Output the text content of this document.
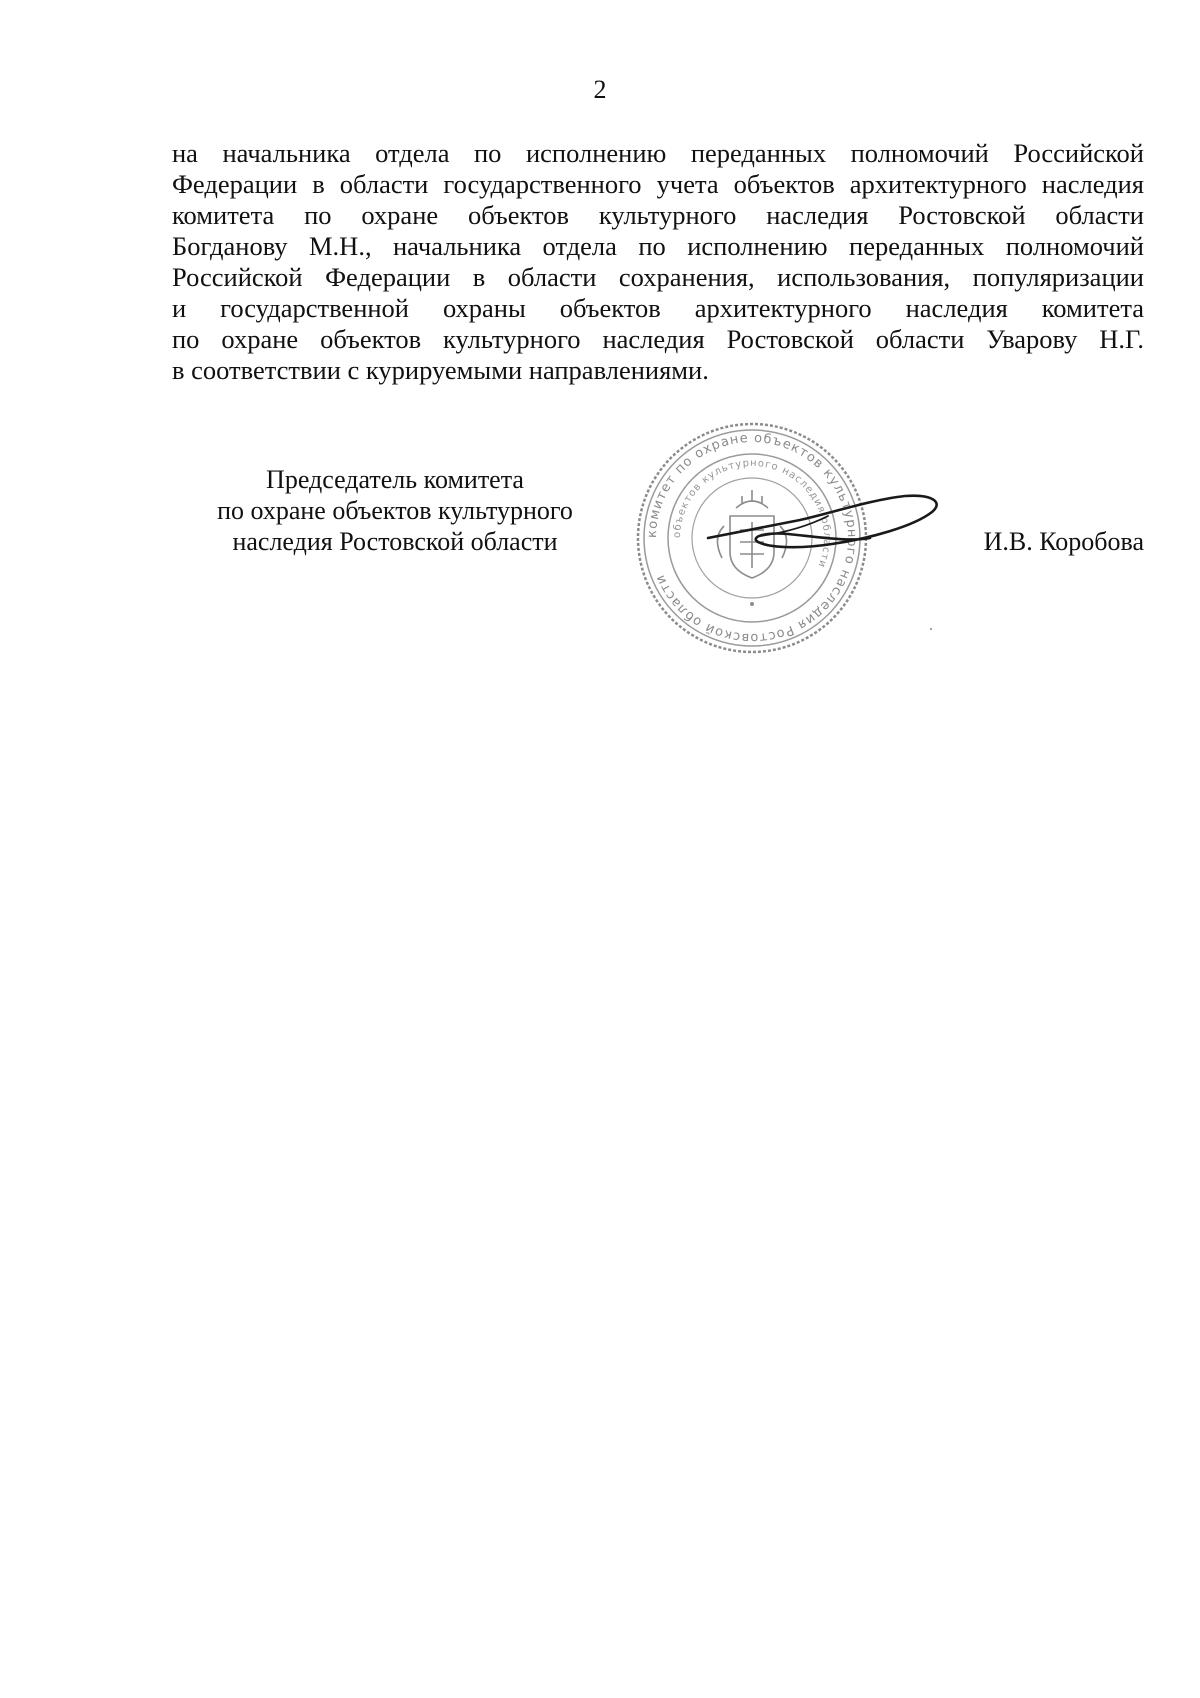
2

на начальника отдела по исполнению переданных полномочий Российской
Федерации в области государственного учета объектов архитектурного наследия
комитета по охране объектов культурного наследия Ростовской области
Богданову М.Н., начальника отдела по исполнению переданных полномочий
Российской Федерации в области сохранения, использования, популяризации
и государственной охраны объектов архитектурного наследия комитета
по охране объектов культурного наследия Ростовской области Уварову Н.Г.
в соответствии с курируемыми направлениями.

Председатель комитета
по охране объектов культурного
наследия Ростовской области	комитет по охране объектов культурного наследия Ростовской области
объектов культурного наследия области
И.В. Коробова
